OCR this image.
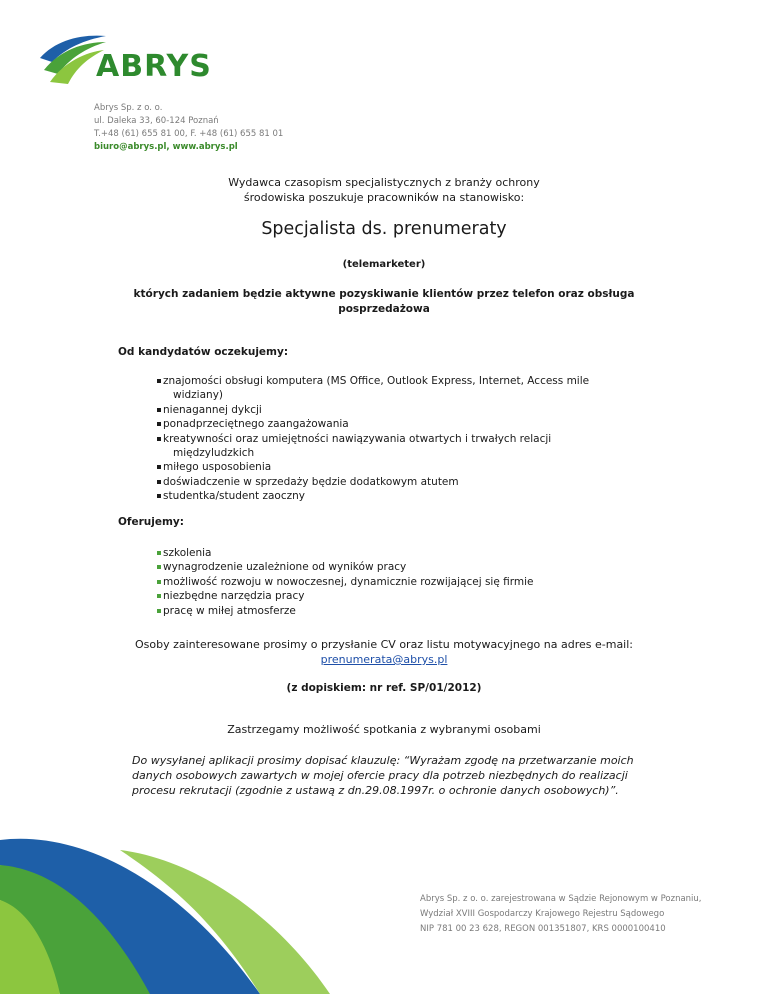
ABRYS
Abrys Sp. z o. o.
ul. Daleka 33, 60-124 Poznań
T.+48 (61) 655 81 00, F. +48 (61) 655 81 01
biuro@abrys.pl, www.abrys.pl
Wydawca czasopism specjalistycznych z branży ochrony
środowiska poszukuje pracowników na stanowisko:
Specjalista ds. prenumeraty
(telemarketer)
których zadaniem będzie aktywne pozyskiwanie klientów przez telefon oraz obsługa
posprzedażowa
Od kandydatów oczekujemy:
znajomości obsługi komputera (MS Office, Outlook Express, Internet, Access mile
widziany)
nienagannej dykcji
ponadprzeciętnego zaangażowania
kreatywności oraz umiejętności nawiązywania otwartych i trwałych relacji
międzyludzkich
miłego usposobienia
doświadczenie w sprzedaży będzie dodatkowym atutem
studentka/student zaoczny
Oferujemy:
szkolenia
wynagrodzenie uzależnione od wyników pracy
możliwość rozwoju w nowoczesnej, dynamicznie rozwijającej się firmie
niezbędne narzędzia pracy
pracę w miłej atmosferze
Osoby zainteresowane prosimy o przysłanie CV oraz listu motywacyjnego na adres e-mail:
prenumerata@abrys.pl
(z dopiskiem: nr ref. SP/01/2012)
Zastrzegamy możliwość spotkania z wybranymi osobami
Do wysyłanej aplikacji prosimy dopisać klauzulę: “Wyrażam zgodę na przetwarzanie moich danych osobowych zawartych w mojej ofercie pracy dla potrzeb niezbędnych do realizacji procesu rekrutacji (zgodnie z ustawą z dn.29.08.1997r. o ochronie danych osobowych)”.
Abrys Sp. z o. o. zarejestrowana w Sądzie Rejonowym w Poznaniu,
Wydział XVIII Gospodarczy Krajowego Rejestru Sądowego
NIP 781 00 23 628, REGON 001351807, KRS 0000100410
